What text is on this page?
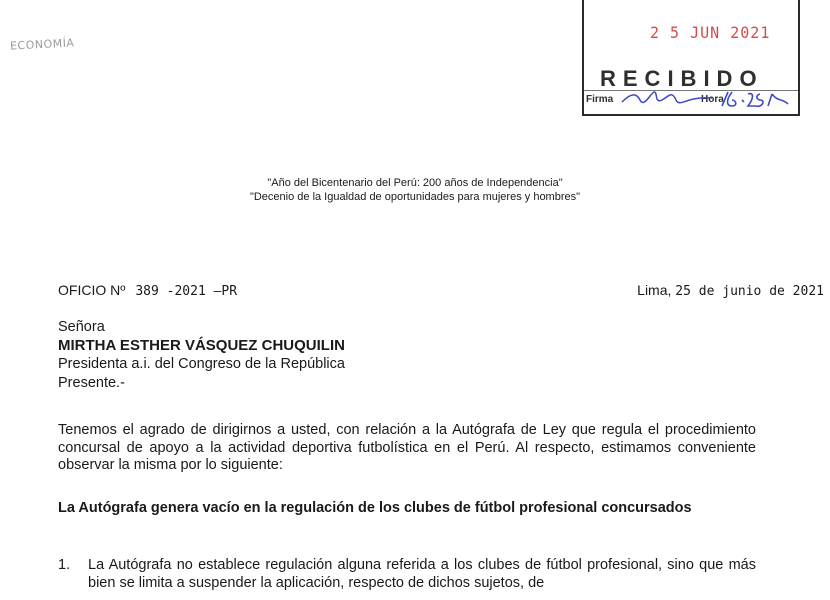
ECONOMÍA
2 5 JUN 2021
RECIBIDO
Firma	Hora
"Año del Bicentenario del Perú: 200 años de Independencia"
"Decenio de la Igualdad de oportunidades para mujeres y hombres"
OFICIO Nº 389 -2021 –PR	Lima, 25 de junio de 2021
Señora
MIRTHA ESTHER VÁSQUEZ CHUQUILIN
Presidenta a.i. del Congreso de la República
Presente.-
Tenemos el agrado de dirigirnos a usted, con relación a la Autógrafa de Ley que regula el procedimiento concursal de apoyo a la actividad deportiva futbolística en el Perú. Al respecto, estimamos conveniente observar la misma por lo siguiente:
La Autógrafa genera vacío en la regulación de los clubes de fútbol profesional concursados
1. La Autógrafa no establece regulación alguna referida a los clubes de fútbol profesional, sino que más bien se limita a suspender la aplicación, respecto de dichos sujetos, de
